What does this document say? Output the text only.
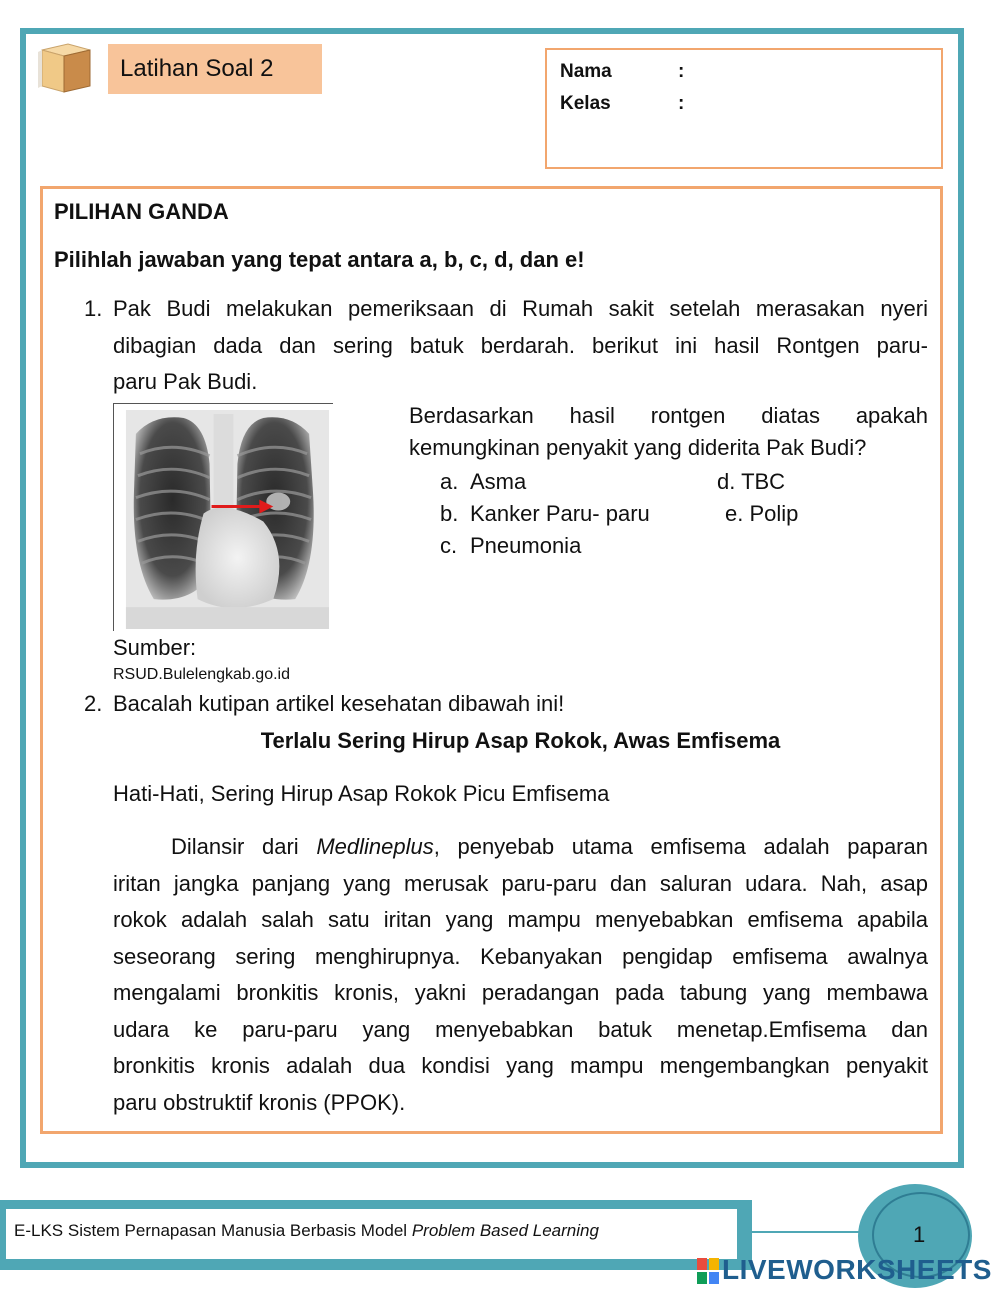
Latihan Soal 2	Nama	:
Kelas	:
PILIHAN GANDA
Pilihlah jawaban yang tepat antara a, b, c, d, dan e!
1. Pak Budi melakukan pemeriksaan di Rumah sakit setelah merasakan nyeri
dibagian dada dan sering batuk berdarah. berikut ini hasil Rontgen paru-
paru Pak Budi.
Berdasarkan hasil rontgen diatas apakah
kemungkinan penyakit yang diderita Pak Budi?
a. Asma
b. Kanker Paru- paru
c. Pneumonia
d. TBC
e. Polip
Sumber:
RSUD.Bulelengkab.go.id
2. Bacalah kutipan artikel kesehatan dibawah ini!
Terlalu Sering Hirup Asap Rokok, Awas Emfisema
Hati-Hati, Sering Hirup Asap Rokok Picu Emfisema
Dilansir dari Medlineplus, penyebab utama emfisema adalah paparan
iritan jangka panjang yang merusak paru-paru dan saluran udara. Nah, asap
rokok adalah salah satu iritan yang mampu menyebabkan emfisema apabila
seseorang sering menghirupnya. Kebanyakan pengidap emfisema awalnya
mengalami bronkitis kronis, yakni peradangan pada tabung yang membawa
udara ke paru-paru yang menyebabkan batuk menetap.Emfisema dan
bronkitis kronis adalah dua kondisi yang mampu mengembangkan penyakit
paru obstruktif kronis (PPOK).
E-LKS Sistem Pernapasan Manusia Berbasis Model Problem Based Learning	1
LIVEWORKSHEETS
